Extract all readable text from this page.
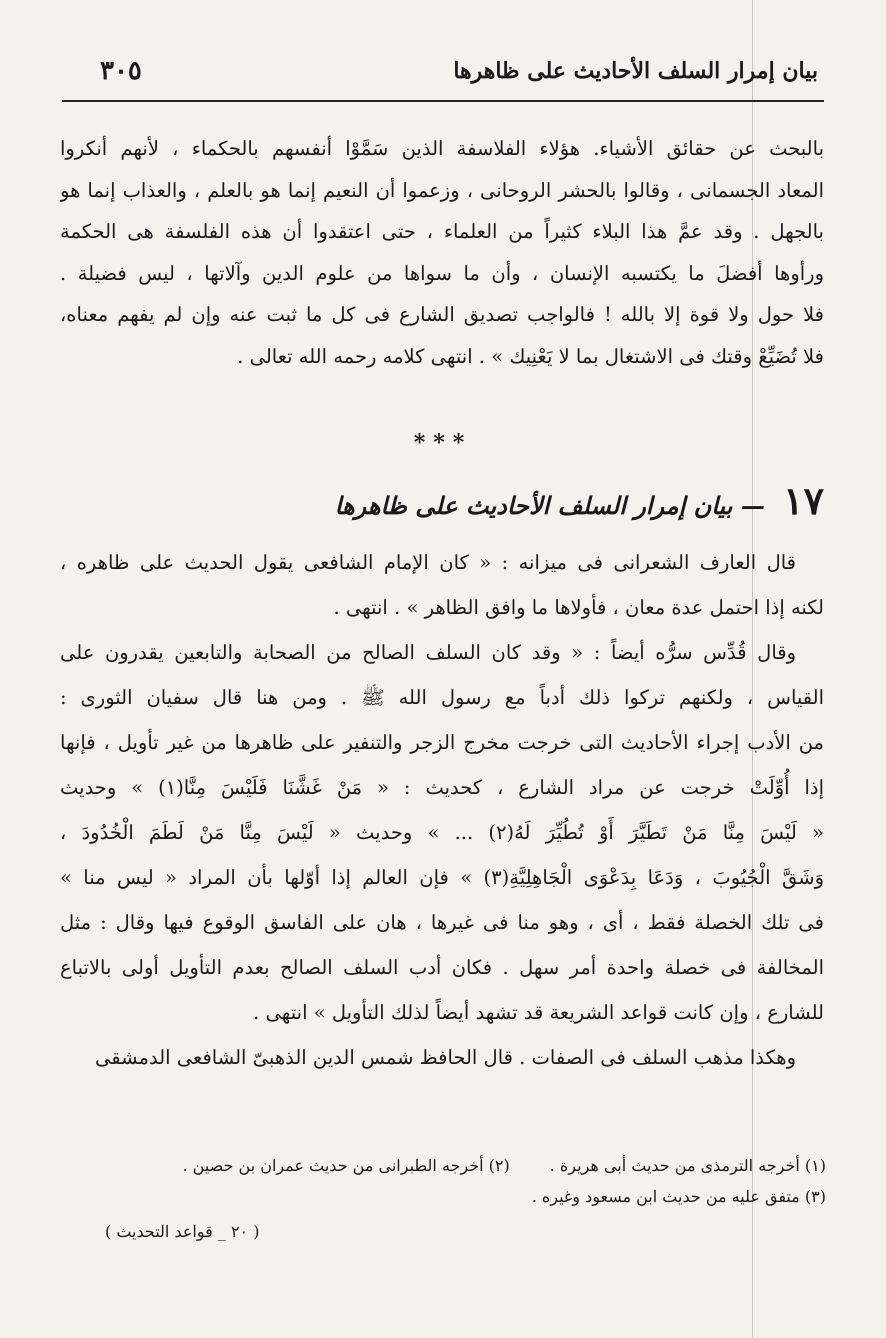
٣٠٥	بيان إمرار السلف الأحاديث على ظاهرها
بالبحث عن حقائق الأشياء. هؤلاء الفلاسفة الذين سَمَّوْا أنفسهم بالحكماء ، لأنهم أنكروا
المعاد الجسمانى ، وقالوا بالحشر الروحانى ، وزعموا أن النعيم إنما هو بالعلم ، والعذاب إنما هو
بالجهل . وقد عمَّ هذا البلاء كثيراً من العلماء ، حتى اعتقدوا أن هذه الفلسفة هى الحكمة
ورأوها أفضلَ ما يكتسبه الإنسان ، وأن ما سواها من علوم الدين وآلاتها ، ليس فضيلة .
فلا حول ولا قوة إلا بالله ! فالواجب تصديق الشارع فى كل ما ثبت عنه وإن لم يفهم معناه،
فلا تُضَيِّعْ وقتك فى الاشتغال بما لا يَعْنِيك » . انتهى كلامه رحمه الله تعالى .
***
١٧ — بيان إمرار السلف الأحاديث على ظاهرها
قال العارف الشعرانى فى ميزانه : « كان الإمام الشافعى يقول الحديث على ظاهره ،
لكنه إذا احتمل عدة معان ، فأولاها ما وافق الظاهر » . انتهى .
وقال قُدِّس سرُّه أيضاً : « وقد كان السلف الصالح من الصحابة والتابعين يقدرون على
القياس ، ولكنهم تركوا ذلك أدباً مع رسول الله ﷺ . ومن هنا قال سفيان الثورى :
من الأدب إجراء الأحاديث التى خرجت مخرج الزجر والتنفير على ظاهرها من غير تأويل ، فإنها
إذا أُوِّلَتْ خرجت عن مراد الشارع ، كحديث : « مَنْ غَشَّنَا فَلَيْسَ مِنَّا(١) » وحديث
« لَيْسَ مِنَّا مَنْ تَطَيَّرَ أَوْ تُطُيِّرَ لَهُ(٢) ... » وحديث « لَيْسَ مِنَّا مَنْ لَطَمَ الْخُدُودَ ،
وَشَقَّ الْجُيُوبَ ، وَدَعَا بِدَعْوَى الْجَاهِلِيَّةِ(٣) » فإن العالم إذا أوّلها بأن المراد « ليس منا »
فى تلك الخصلة فقط ، أى ، وهو منا فى غيرها ، هان على الفاسق الوقوع فيها وقال : مثل
المخالفة فى خصلة واحدة أمر سهل . فكان أدب السلف الصالح بعدم التأويل أولى بالاتباع
للشارع ، وإن كانت قواعد الشريعة قد تشهد أيضاً لذلك التأويل » انتهى .
وهكذا مذهب السلف فى الصفات . قال الحافظ شمس الدين الذهبىّ الشافعى الدمشقى
(١) أخرجه الترمذى من حديث أبى هريرة .
(٢) أخرجه الطبرانى من حديث عمران بن حصين .
(٣) متفق عليه من حديث ابن مسعود وغيره .
( ٢٠ _ قواعد التحديث )
